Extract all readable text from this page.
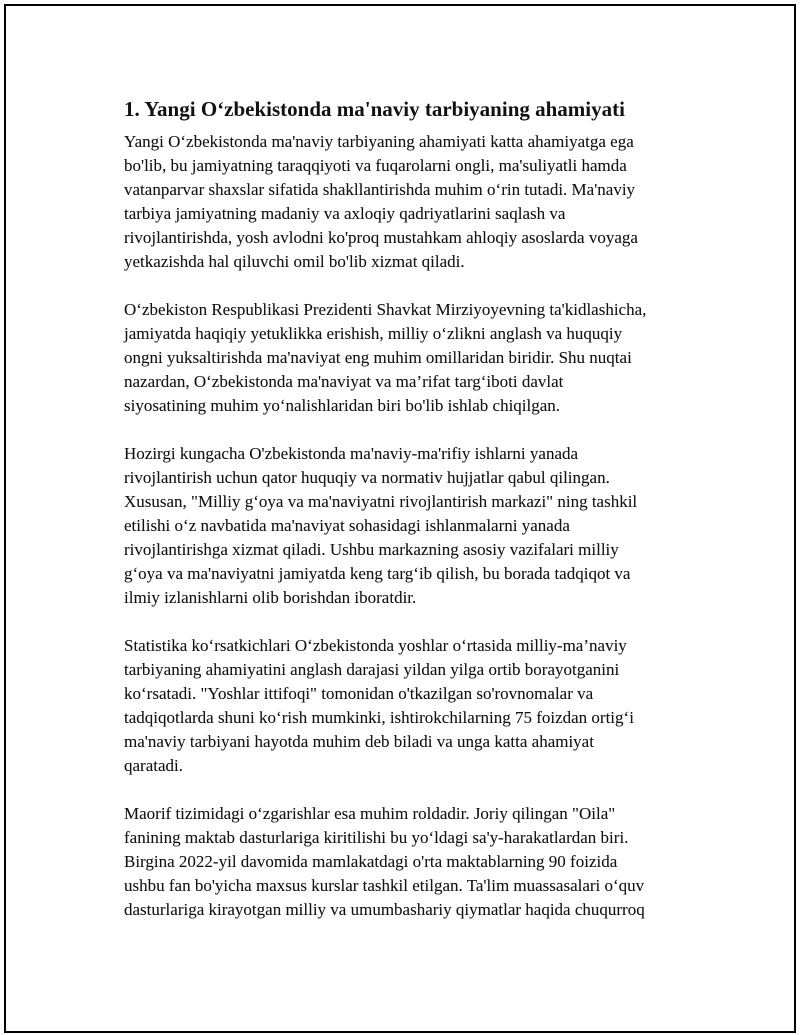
1. Yangi O‘zbekistonda ma'naviy tarbiyaning ahamiyati

Yangi O‘zbekistonda ma'naviy tarbiyaning ahamiyati katta ahamiyatga ega
bo'lib, bu jamiyatning taraqqiyoti va fuqarolarni ongli, ma'suliyatli hamda
vatanparvar shaxslar sifatida shakllantirishda muhim o‘rin tutadi. Ma'naviy
tarbiya jamiyatning madaniy va axloqiy qadriyatlarini saqlash va
rivojlantirishda, yosh avlodni ko'proq mustahkam ahloqiy asoslarda voyaga
yetkazishda hal qiluvchi omil bo'lib xizmat qiladi.

O‘zbekiston Respublikasi Prezidenti Shavkat Mirziyoyevning ta'kidlashicha,
jamiyatda haqiqiy yetuklikka erishish, milliy o‘zlikni anglash va huquqiy
ongni yuksaltirishda ma'naviyat eng muhim omillaridan biridir. Shu nuqtai
nazardan, O‘zbekistonda ma'naviyat va ma’rifat targ‘iboti davlat
siyosatining muhim yo‘nalishlaridan biri bo'lib ishlab chiqilgan.

Hozirgi kungacha O'zbekistonda ma'naviy-ma'rifiy ishlarni yanada
rivojlantirish uchun qator huquqiy va normativ hujjatlar qabul qilingan.
Xususan, "Milliy g‘oya va ma'naviyatni rivojlantirish markazi" ning tashkil
etilishi o‘z navbatida ma'naviyat sohasidagi ishlanmalarni yanada
rivojlantirishga xizmat qiladi. Ushbu markazning asosiy vazifalari milliy
g‘oya va ma'naviyatni jamiyatda keng targ‘ib qilish, bu borada tadqiqot va
ilmiy izlanishlarni olib borishdan iboratdir.

Statistika ko‘rsatkichlari O‘zbekistonda yoshlar o‘rtasida milliy-ma’naviy
tarbiyaning ahamiyatini anglash darajasi yildan yilga ortib borayotganini
ko‘rsatadi. "Yoshlar ittifoqi" tomonidan o'tkazilgan so'rovnomalar va
tadqiqotlarda shuni ko‘rish mumkinki, ishtirokchilarning 75 foizdan ortig‘i
ma'naviy tarbiyani hayotda muhim deb biladi va unga katta ahamiyat
qaratadi.

Maorif tizimidagi o‘zgarishlar esa muhim roldadir. Joriy qilingan "Oila"
fanining maktab dasturlariga kiritilishi bu yo‘ldagi sa'y-harakatlardan biri.
Birgina 2022-yil davomida mamlakatdagi o'rta maktablarning 90 foizida
ushbu fan bo'yicha maxsus kurslar tashkil etilgan. Ta'lim muassasalari o‘quv
dasturlariga kirayotgan milliy va umumbashariy qiymatlar haqida chuqurroq
